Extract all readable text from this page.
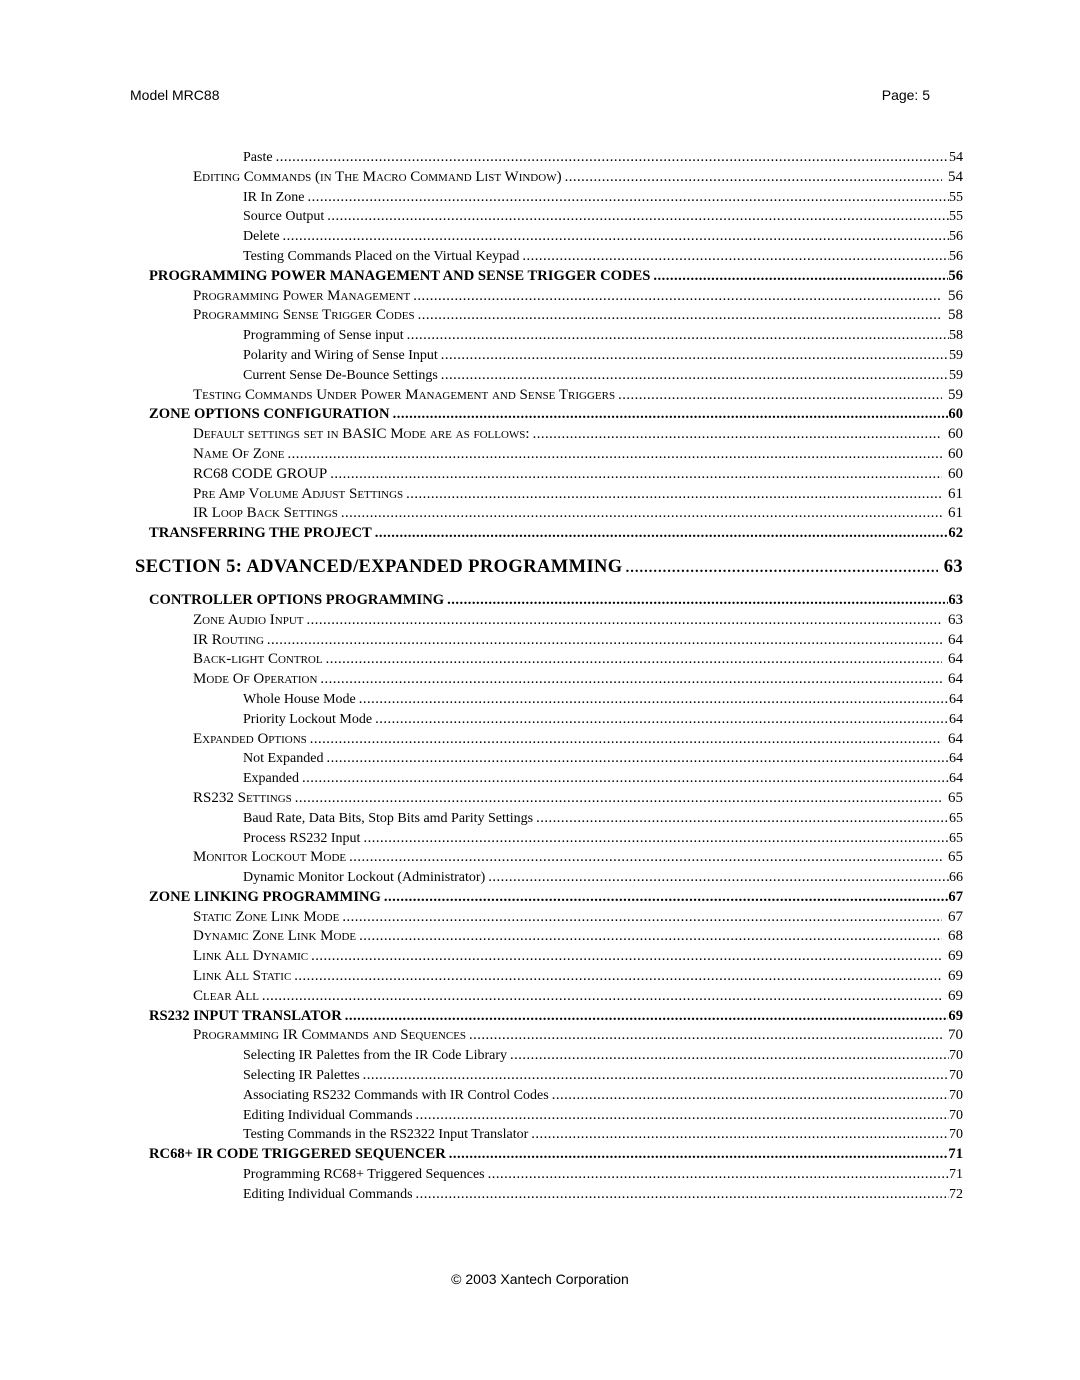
Model MRC88	Page: 5
Paste .....	54
Editing Commands (in The Macro Command List Window) .....	54
IR In Zone .....	55
Source Output .....	55
Delete .....	56
Testing Commands Placed on the Virtual Keypad .....	56
PROGRAMMING POWER MANAGEMENT AND SENSE TRIGGER CODES .....	56
Programming Power Management .....	56
Programming Sense Trigger Codes .....	58
Programming of Sense input .....	58
Polarity and Wiring of Sense Input .....	59
Current Sense De-Bounce Settings .....	59
Testing Commands Under Power Management and Sense Triggers .....	59
ZONE OPTIONS CONFIGURATION .....	60
Default settings set in BASIC Mode are as follows: .....	60
Name Of Zone .....	60
RC68 CODE GROUP .....	60
Pre Amp Volume Adjust Settings .....	61
IR Loop Back Settings .....	61
TRANSFERRING THE PROJECT .....	62
SECTION 5: ADVANCED/EXPANDED PROGRAMMING .....	63
CONTROLLER OPTIONS PROGRAMMING .....	63
Zone Audio Input .....	63
IR Routing .....	64
Back-light Control .....	64
Mode Of Operation .....	64
Whole House Mode .....	64
Priority Lockout Mode .....	64
Expanded Options .....	64
Not Expanded .....	64
Expanded .....	64
RS232 Settings .....	65
Baud Rate, Data Bits, Stop Bits amd Parity Settings .....	65
Process RS232 Input .....	65
Monitor Lockout Mode .....	65
Dynamic Monitor Lockout (Administrator) .....	66
ZONE LINKING PROGRAMMING .....	67
Static Zone Link Mode .....	67
Dynamic Zone Link Mode .....	68
Link All Dynamic .....	69
Link All Static .....	69
Clear All .....	69
RS232 INPUT TRANSLATOR .....	69
Programming IR Commands and Sequences .....	70
Selecting IR Palettes from the IR Code Library .....	70
Selecting IR Palettes .....	70
Associating RS232 Commands with IR Control Codes .....	70
Editing Individual Commands .....	70
Testing Commands in the RS2322 Input Translator .....	70
RC68+ IR CODE TRIGGERED SEQUENCER .....	71
Programming RC68+ Triggered Sequences .....	71
Editing Individual Commands .....	72
© 2003 Xantech Corporation
